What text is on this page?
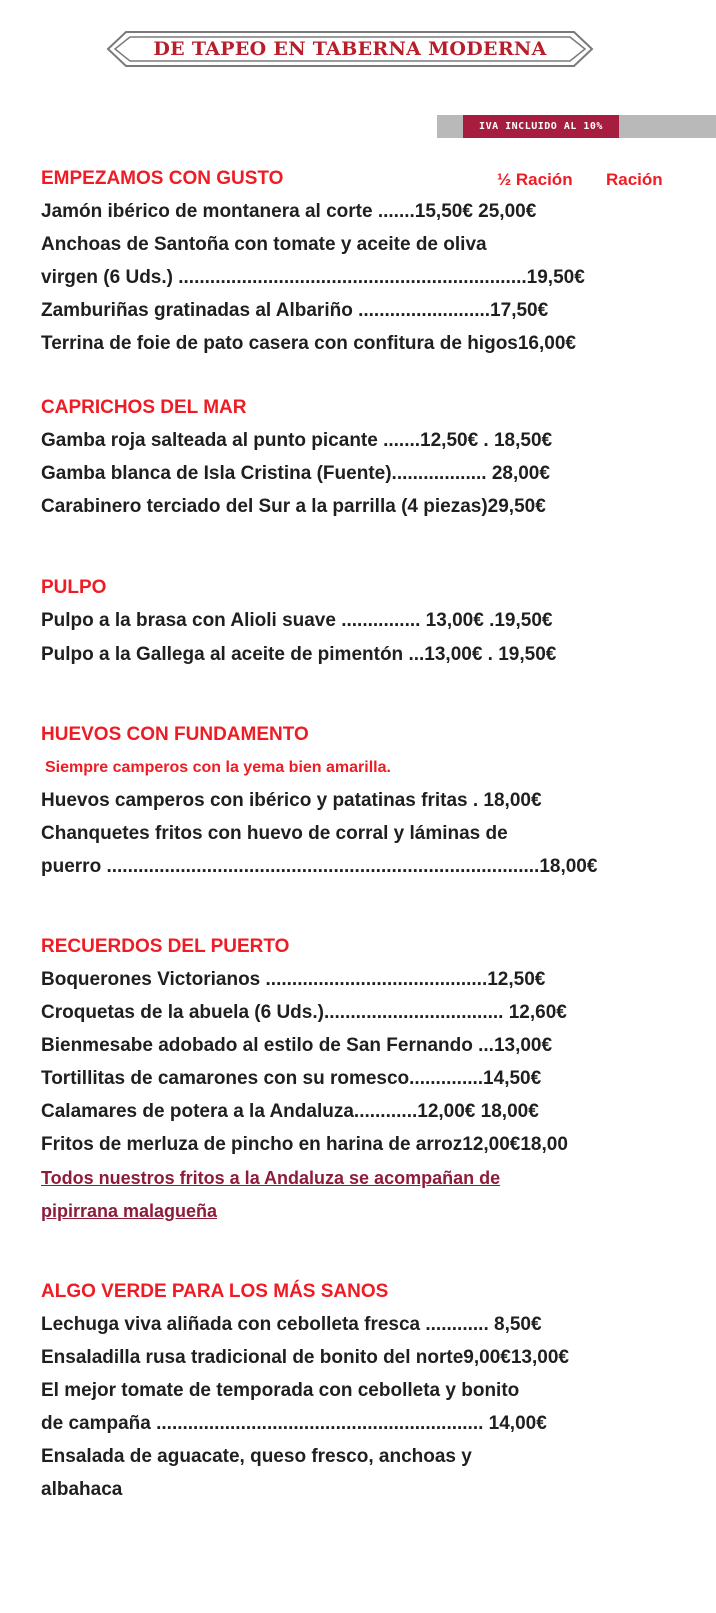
DE TAPEO EN TABERNA MODERNA
IVA INCLUIDO AL 10%
EMPEZAMOS CON GUSTO	½ Ración Ración
Jamón ibérico de montanera al corte .......15,50€ 25,00€
Anchoas de Santoña con tomate y aceite de oliva
virgen (6 Uds.) ..................................................................19,50€
Zamburiñas gratinadas al Albariño .........................17,50€
Terrina de foie de pato casera con confitura de higos16,00€
CAPRICHOS DEL MAR
Gamba roja salteada al punto picante .......12,50€ . 18,50€
Gamba blanca de Isla Cristina (Fuente).................. 28,00€
Carabinero terciado del Sur a la parrilla (4 piezas)29,50€
PULPO
Pulpo a la brasa con Alioli suave ............... 13,00€ .19,50€
Pulpo a la Gallega al aceite de pimentón ...13,00€ . 19,50€
HUEVOS CON FUNDAMENTO
Siempre camperos con la yema bien amarilla.
Huevos camperos con ibérico y patatinas fritas . 18,00€
Chanquetes fritos con huevo de corral y láminas de
puerro ..................................................................................18,00€
RECUERDOS DEL PUERTO
Boquerones Victorianos ..........................................12,50€
Croquetas de la abuela (6 Uds.).................................. 12,60€
Bienmesabe adobado al estilo de San Fernando ...13,00€
Tortillitas de camarones con su romesco..............14,50€
Calamares de potera a la Andaluza............12,00€ 18,00€
Fritos de merluza de pincho en harina de arroz12,00€18,00
Todos nuestros fritos a la Andaluza se acompañan de
pipirrana malagueña
ALGO VERDE PARA LOS MÁS SANOS
Lechuga viva aliñada con cebolleta fresca ............ 8,50€
Ensaladilla rusa tradicional de bonito del norte9,00€13,00€
El mejor tomate de temporada con cebolleta y bonito
de campaña .............................................................. 14,00€
Ensalada de aguacate, queso fresco, anchoas y
albahaca
